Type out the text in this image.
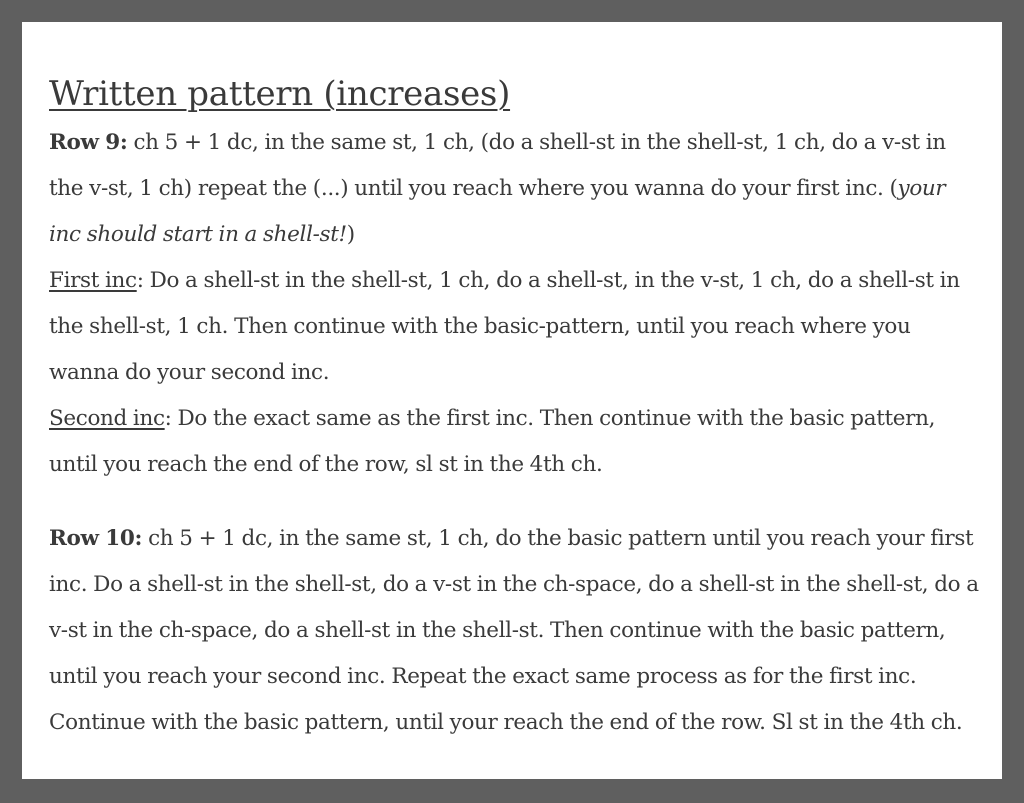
Written pattern (increases)

Row 9: ch 5 + 1 dc, in the same st, 1 ch, (do a shell-st in the shell-st, 1 ch, do a v-st in the v-st, 1 ch) repeat the (...) until you reach where you wanna do your first inc. (your inc should start in a shell-st!)

First inc: Do a shell-st in the shell-st, 1 ch, do a shell-st, in the v-st, 1 ch, do a shell-st in the shell-st, 1 ch. Then continue with the basic-pattern, until you reach where you wanna do your second inc.

Second inc: Do the exact same as the first inc. Then continue with the basic pattern, until you reach the end of the row, sl st in the 4th ch.

Row 10: ch 5 + 1 dc, in the same st, 1 ch, do the basic pattern until you reach your first inc. Do a shell-st in the shell-st, do a v-st in the ch-space, do a shell-st in the shell-st, do a v-st in the ch-space, do a shell-st in the shell-st. Then continue with the basic pattern, until you reach your second inc. Repeat the exact same process as for the first inc. Continue with the basic pattern, until your reach the end of the row. Sl st in the 4th ch.
